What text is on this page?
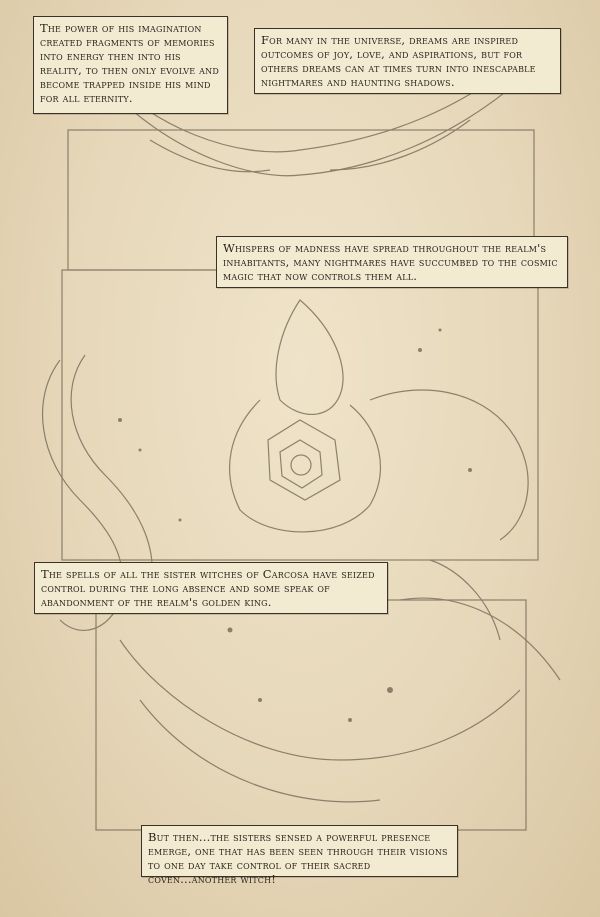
The power of his imagination created fragments of memories into energy then into his reality, to then only evolve and become trapped inside his mind for all eternity.
For many in the universe, dreams are inspired outcomes of joy, love, and aspirations, but for others dreams can at times turn into inescapable nightmares and haunting shadows.
Whispers of madness have spread throughout the realm's inhabitants, many nightmares have succumbed to the cosmic magic that now controls them all.
The spells of all the sister witches of Carcosa have seized control during the long absence and some speak of abandonment of the realm's golden king.
But then...the sisters sensed a powerful presence emerge, one that has been seen through their visions to one day take control of their sacred coven...another witch!
